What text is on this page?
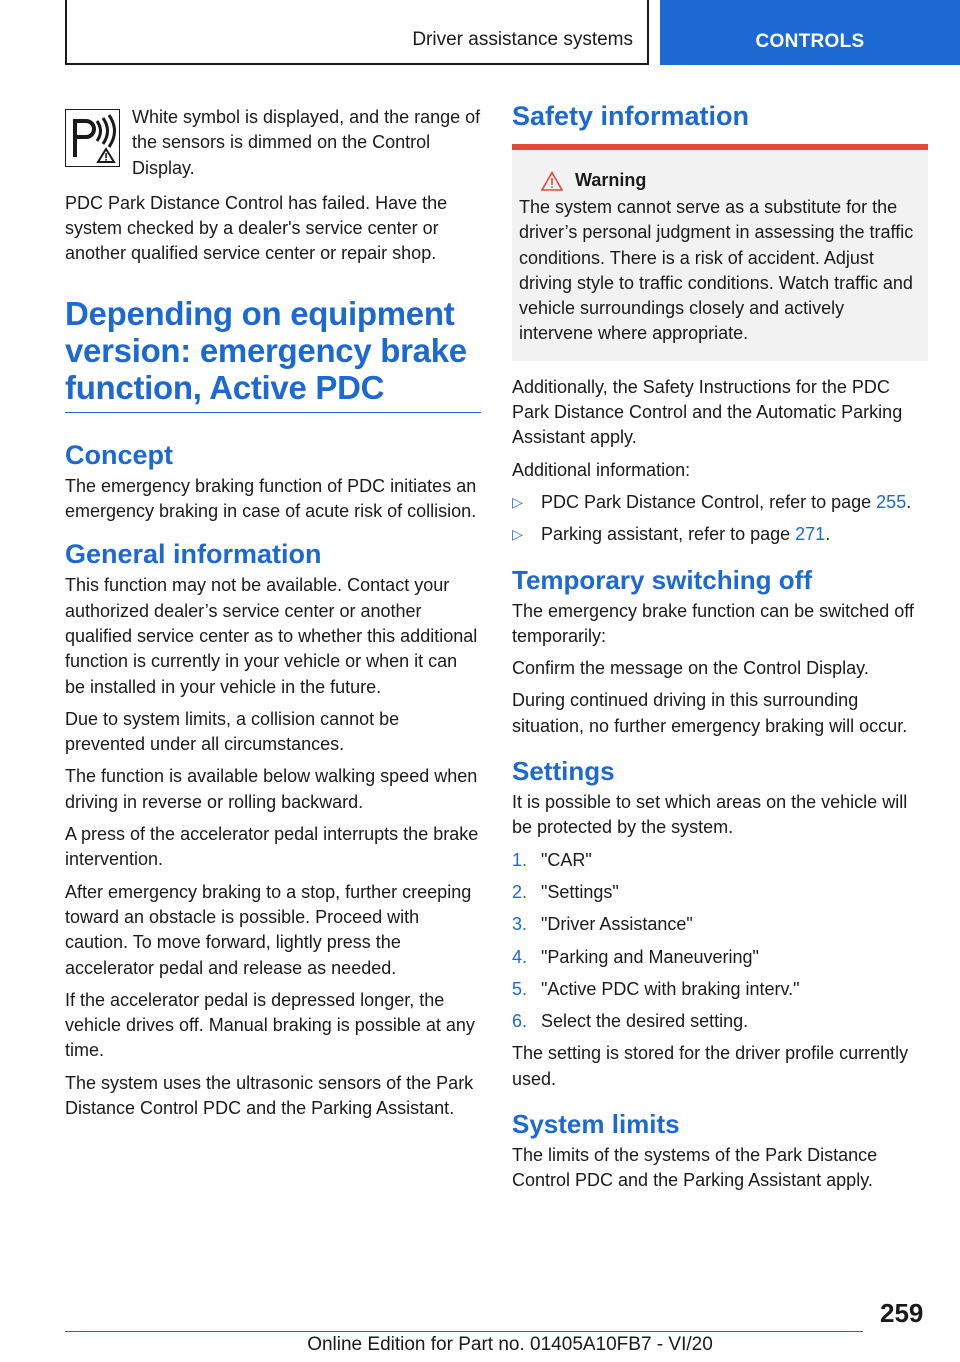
Driver assistance systems	CONTROLS

White symbol is displayed, and the range of the sensors is dimmed on the Control Display.

PDC Park Distance Control has failed. Have the system checked by a dealer's service center or another qualified service center or repair shop.

Depending on equipment version: emergency brake function, Active PDC
Concept

The emergency braking function of PDC initiates an emergency braking in case of acute risk of collision.

General information

This function may not be available. Contact your authorized dealer’s service center or another qualified service center as to whether this additional function is currently in your vehicle or when it can be installed in your vehicle in the future.

Due to system limits, a collision cannot be prevented under all circumstances.

The function is available below walking speed when driving in reverse or rolling backward.

A press of the accelerator pedal interrupts the brake intervention.

After emergency braking to a stop, further creeping toward an obstacle is possible. Proceed with caution. To move forward, lightly press the accelerator pedal and release as needed.

If the accelerator pedal is depressed longer, the vehicle drives off. Manual braking is possible at any time.

The system uses the ultrasonic sensors of the Park Distance Control PDC and the Parking Assistant.

Safety information
Warning

The system cannot serve as a substitute for the driver’s personal judgment in assessing the traffic conditions. There is a risk of accident. Adjust driving style to traffic conditions. Watch traffic and vehicle surroundings closely and actively intervene where appropriate.

Additionally, the Safety Instructions for the PDC Park Distance Control and the Automatic Parking Assistant apply.

Additional information:

▷ PDC Park Distance Control, refer to page 255.
▷ Parking assistant, refer to page 271.
Temporary switching off

The emergency brake function can be switched off temporarily:

Confirm the message on the Control Display.

During continued driving in this surrounding situation, no further emergency braking will occur.

Settings

It is possible to set which areas on the vehicle will be protected by the system.

1. "CAR"
2. "Settings"
3. "Driver Assistance"
4. "Parking and Maneuvering"
5. "Active PDC with braking interv."
6. Select the desired setting.

The setting is stored for the driver profile currently used.

System limits

The limits of the systems of the Park Distance Control PDC and the Parking Assistant apply.

259
Online Edition for Part no. 01405A10FB7 - VI/20
